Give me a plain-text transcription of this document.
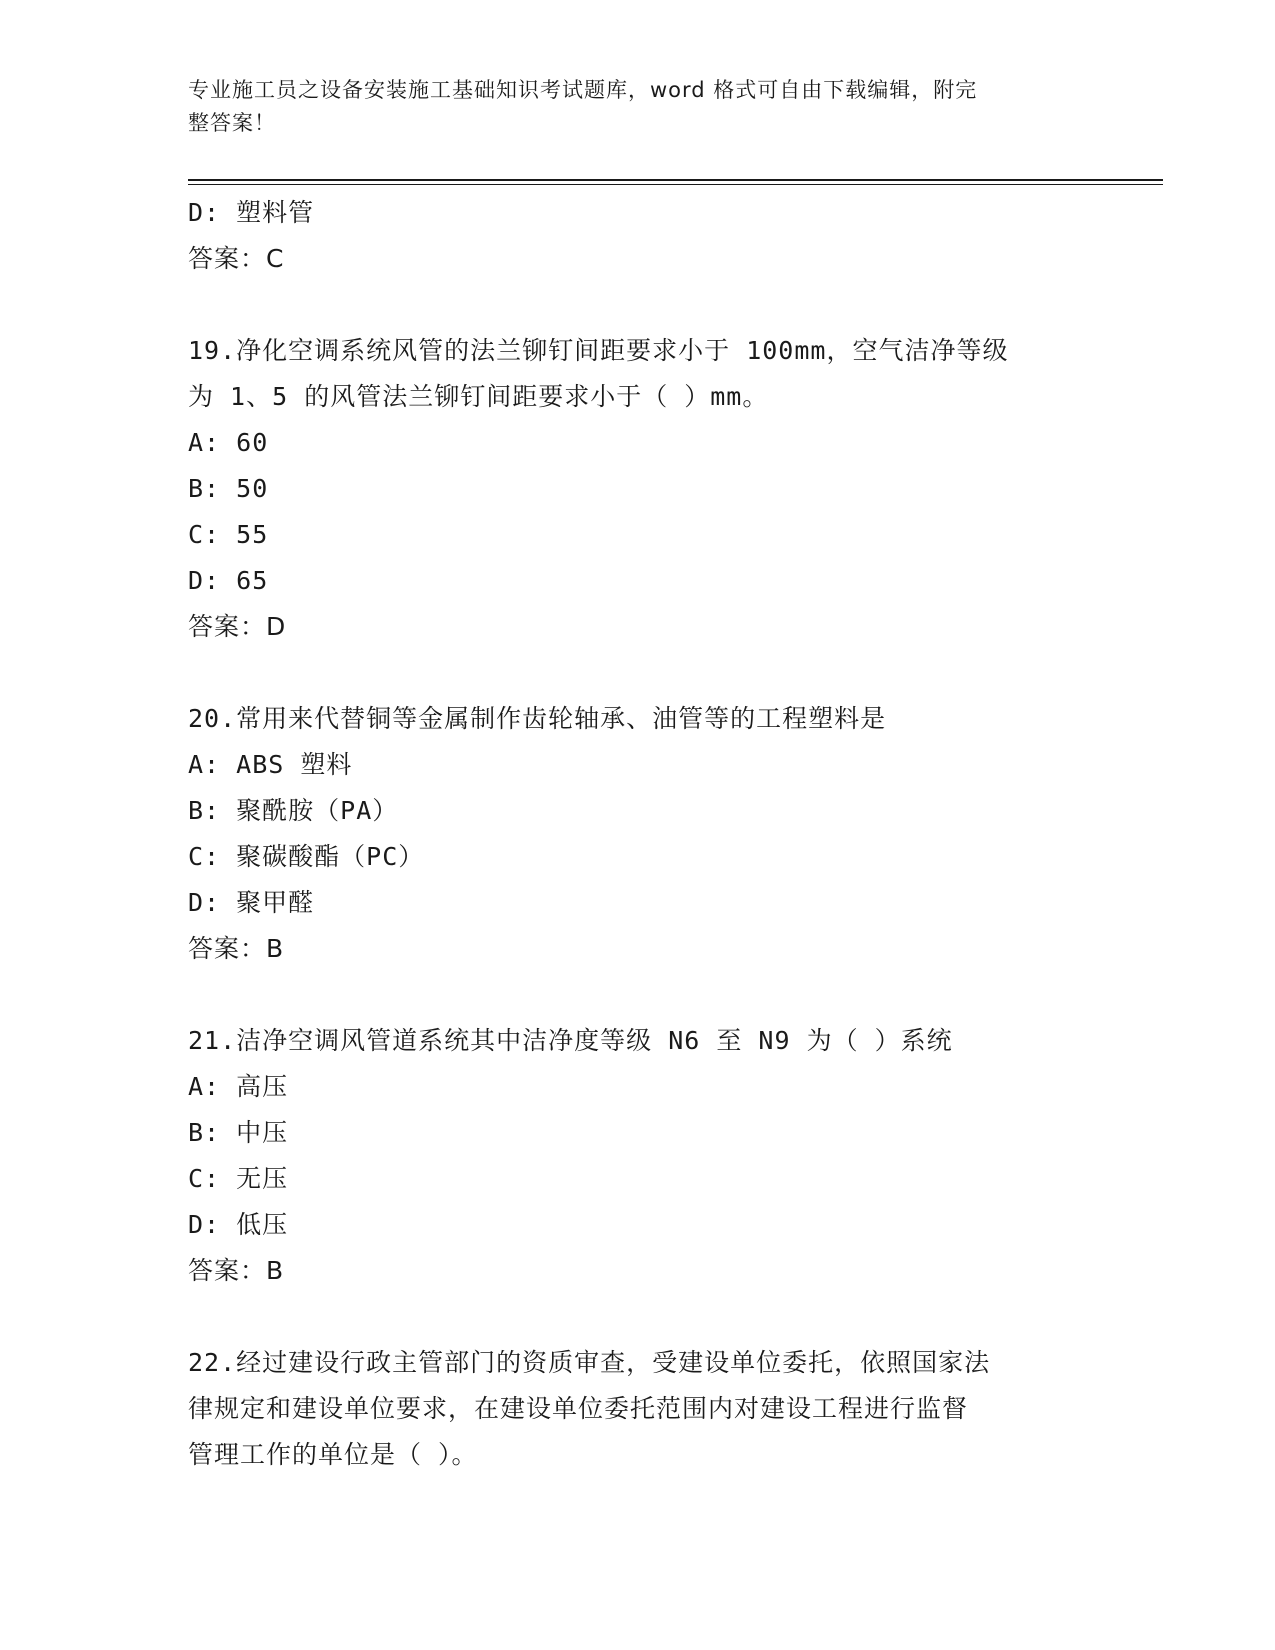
专业施工员之设备安装施工基础知识考试题库，word 格式可自由下载编辑，附完
整答案！
D: 塑料管
答案：C
19.净化空调系统风管的法兰铆钉间距要求小于 100mm，空气洁净等级
为 1、5 的风管法兰铆钉间距要求小于（ ）mm。
A: 60
B: 50
C: 55
D: 65
答案：D
20.常用来代替铜等金属制作齿轮轴承、油管等的工程塑料是
A: ABS 塑料
B: 聚酰胺（PA）
C: 聚碳酸酯（PC）
D: 聚甲醛
答案：B
21.洁净空调风管道系统其中洁净度等级 N6 至 N9 为（ ）系统
A: 高压
B: 中压
C: 无压
D: 低压
答案：B
22.经过建设行政主管部门的资质审查，受建设单位委托，依照国家法
律规定和建设单位要求，在建设单位委托范围内对建设工程进行监督
管理工作的单位是（ ）。
